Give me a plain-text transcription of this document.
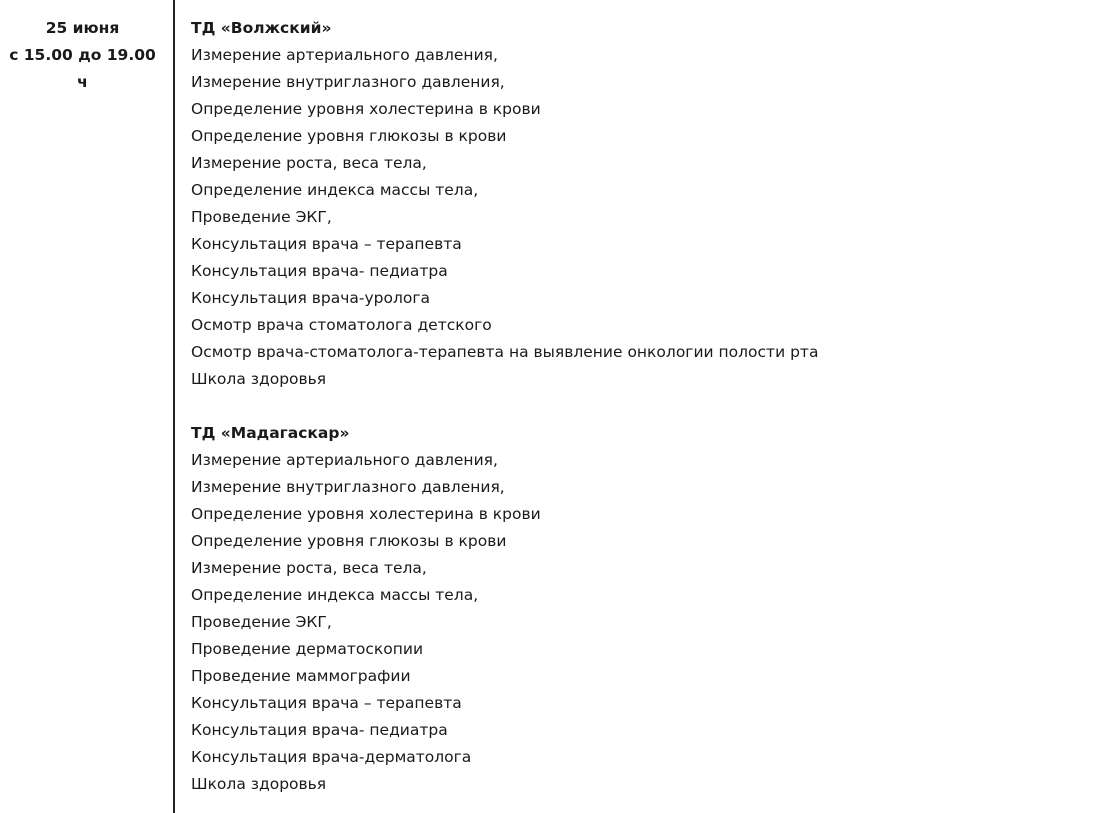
25 июня
с 15.00 до 19.00
ч

ТД «Волжский»

Измерение артериального давления,
Измерение внутриглазного давления,
Определение уровня холестерина в крови
Определение уровня глюкозы в крови
Измерение роста, веса тела,
Определение индекса массы тела,
Проведение ЭКГ,
Консультация врача – терапевта
Консультация врача- педиатра
Консультация врача-уролога
Осмотр врача стоматолога детского
Осмотр врача-стоматолога-терапевта на выявление онкологии полости рта
Школа здоровья

ТД «Мадагаскар»

Измерение артериального давления,
Измерение внутриглазного давления,
Определение уровня холестерина в крови
Определение уровня глюкозы в крови
Измерение роста, веса тела,
Определение индекса массы тела,
Проведение ЭКГ,
Проведение дерматоскопии
Проведение маммографии
Консультация врача – терапевта
Консультация врача- педиатра
Консультация врача-дерматолога
Школа здоровья
